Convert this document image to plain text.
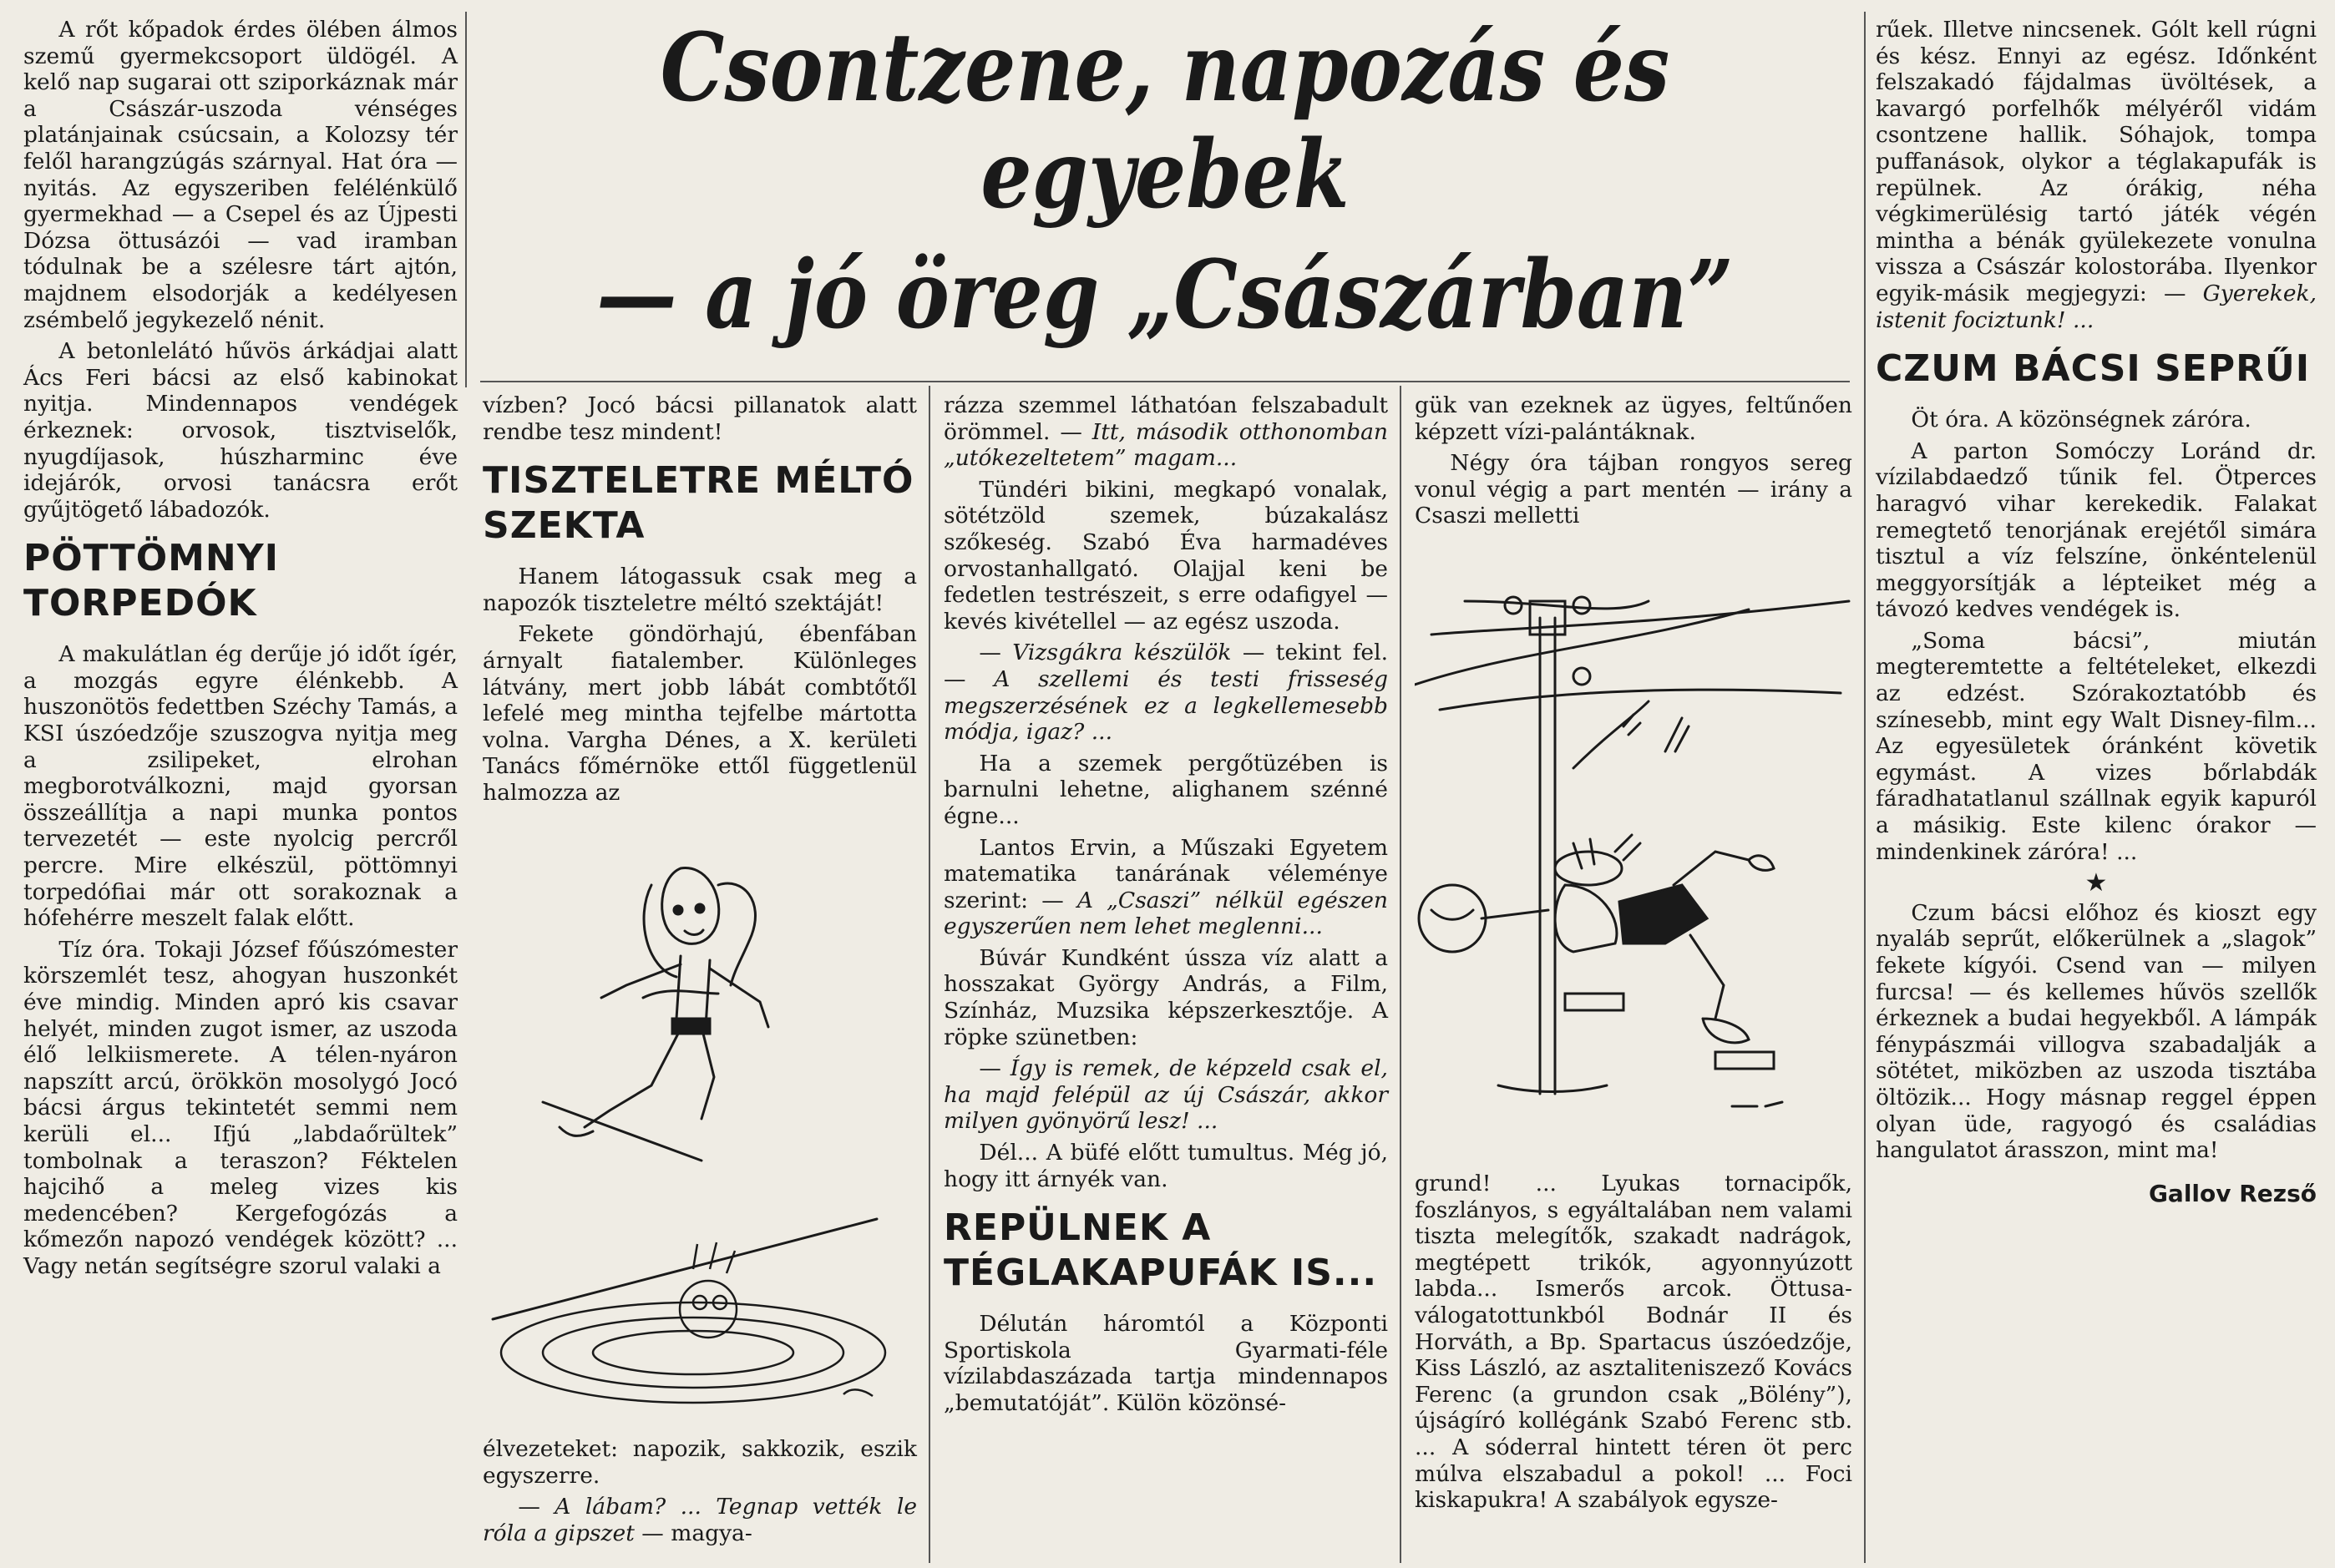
Csontzene, napozás és egyebek
— a jó öreg „Császárban”

A rőt kőpadok érdes ölében álmos szemű gyermekcsoport üldögél. A kelő nap sugarai ott sziporkáznak már a Császár-uszoda vénséges platánjainak csúcsain, a Kolozsy tér felől harangzúgás szárnyal. Hat óra — nyitás. Az egyszeriben felélénkülő gyermekhad — a Csepel és az Újpesti Dózsa öttusázói — vad iramban tódulnak be a szélesre tárt ajtón, majdnem elsodorják a kedélyesen zsémbelő jegykezelő nénit.

A betonlelátó hűvös árkádjai alatt Ács Feri bácsi az első kabinokat nyitja. Mindennapos vendégek érkeznek: orvosok, tisztviselők, nyugdíjasok, húszharminc éve idejárók, orvosi tanácsra erőt gyűjtögető lábadozók.

PÖTTÖMNYI TORPEDÓK

A makulátlan ég derűje jó időt ígér, a mozgás egyre élénkebb. A huszonötös fedettben Széchy Tamás, a KSI úszóedzője szuszogva nyitja meg a zsilipeket, elrohan megborotválkozni, majd gyorsan összeállítja a napi munka pontos tervezetét — este nyolcig percről percre. Mire elkészül, pöttömnyi torpedófiai már ott sorakoznak a hófehérre meszelt falak előtt.

Tíz óra. Tokaji József főúszómester körszemlét tesz, ahogyan huszonkét éve mindig. Minden apró kis csavar helyét, minden zugot ismer, az uszoda élő lelkiismerete. A télen-nyáron napszítt arcú, örökkön mosolygó Jocó bácsi árgus tekintetét semmi nem kerüli el... Ifjú „labdaőrültek” tombolnak a teraszon? Féktelen hajcihő a meleg vizes kis medencében? Kergefogózás a kőmezőn napozó vendégek között? ... Vagy netán segítségre szorul valaki a

vízben? Jocó bácsi pillanatok alatt rendbe tesz mindent!

TISZTELETRE MÉLTÓ SZEKTA

Hanem látogassuk csak meg a napozók tiszteletre méltó szektáját!

Fekete göndörhajú, ébenfában árnyalt fiatalember. Különleges látvány, mert jobb lábát combtőtől lefelé meg mintha tejfelbe mártotta volna. Vargha Dénes, a X. kerületi Tanács főmérnöke ettől függetlenül halmozza az

élvezeteket: napozik, sakkozik, eszik egyszerre.

— A lábam? ... Tegnap vették le róla a gipszet — magya-

rázza szemmel láthatóan felszabadult örömmel. — Itt, második otthonomban „utókezeltetem” magam...

Tündéri bikini, megkapó vonalak, sötétzöld szemek, búzakalász szőkeség. Szabó Éva harmadéves orvostanhallgató. Olajjal keni be fedetlen testrészeit, s erre odafigyel — kevés kivétellel — az egész uszoda.

— Vizsgákra készülök — tekint fel. — A szellemi és testi frisseség megszerzésének ez a legkellemesebb módja, igaz? ...

Ha a szemek pergőtüzében is barnulni lehetne, alighanem szénné égne...

Lantos Ervin, a Műszaki Egyetem matematika tanárának véleménye szerint: — A „Csaszi” nélkül egészen egyszerűen nem lehet meglenni...

Búvár Kundként ússza víz alatt a hosszakat György András, a Film, Színház, Muzsika képszerkesztője. A röpke szünetben:

— Így is remek, de képzeld csak el, ha majd felépül az új Császár, akkor milyen gyönyörű lesz! ...

Dél... A büfé előtt tumultus. Még jó, hogy itt árnyék van.

REPÜLNEK A TÉGLAKAPUFÁK IS...

Délután háromtól a Központi Sportiskola Gyarmati-féle vízilabdaszázada tartja mindennapos „bemutatóját”. Külön közönsé-

gük van ezeknek az ügyes, feltűnően képzett vízi-palántáknak.

Négy óra tájban rongyos sereg vonul végig a part mentén — irány a Csaszi melletti

grund! ... Lyukas tornacipők, foszlányos, s egyáltalában nem valami tiszta melegítők, szakadt nadrágok, megtépett trikók, agyonnyúzott labda... Ismerős arcok. Öttusa-válogatottunkból Bodnár II és Horváth, a Bp. Spartacus úszóedzője, Kiss László, az asztaliteniszező Kovács Ferenc (a grundon csak „Bölény”), újságíró kollégánk Szabó Ferenc stb. ... A sóderral hintett téren öt perc múlva elszabadul a pokol! ... Foci kiskapukra! A szabályok egysze-

rűek. Illetve nincsenek. Gólt kell rúgni és kész. Ennyi az egész. Időnként felszakadó fájdalmas üvöltések, a kavargó porfelhők mélyéről vidám csontzene hallik. Sóhajok, tompa puffanások, olykor a téglakapufák is repülnek. Az órákig, néha végkimerülésig tartó játék végén mintha a bénák gyülekezete vonulna vissza a Császár kolostorába. Ilyenkor egyik-másik megjegyzi: — Gyerekek, istenit fociztunk! ...

CZUM BÁCSI SEPRŰI

Öt óra. A közönségnek záróra.

A parton Somóczy Loránd dr. vízilabdaedző tűnik fel. Ötperces haragvó vihar kerekedik. Falakat remegtető tenorjának erejétől simára tisztul a víz felszíne, önkéntelenül meggyorsítják a lépteiket még a távozó kedves vendégek is.

„Soma bácsi”, miután megteremtette a feltételeket, elkezdi az edzést. Szórakoztatóbb és színesebb, mint egy Walt Disney-film... Az egyesületek óránként követik egymást. A vizes bőrlabdák fáradhatatlanul szállnak egyik kapuról a másikig. Este kilenc órakor — mindenkinek záróra! ...

★

Czum bácsi előhoz és kioszt egy nyaláb seprűt, előkerülnek a „slagok” fekete kígyói. Csend van — milyen furcsa! — és kellemes hűvös szellők érkeznek a budai hegyekből. A lámpák fénypászmái villogva szabadalják a sötétet, miközben az uszoda tisztába öltözik... Hogy másnap reggel éppen olyan üde, ragyogó és családias hangulatot árasszon, mint ma!

Gallov Rezső
